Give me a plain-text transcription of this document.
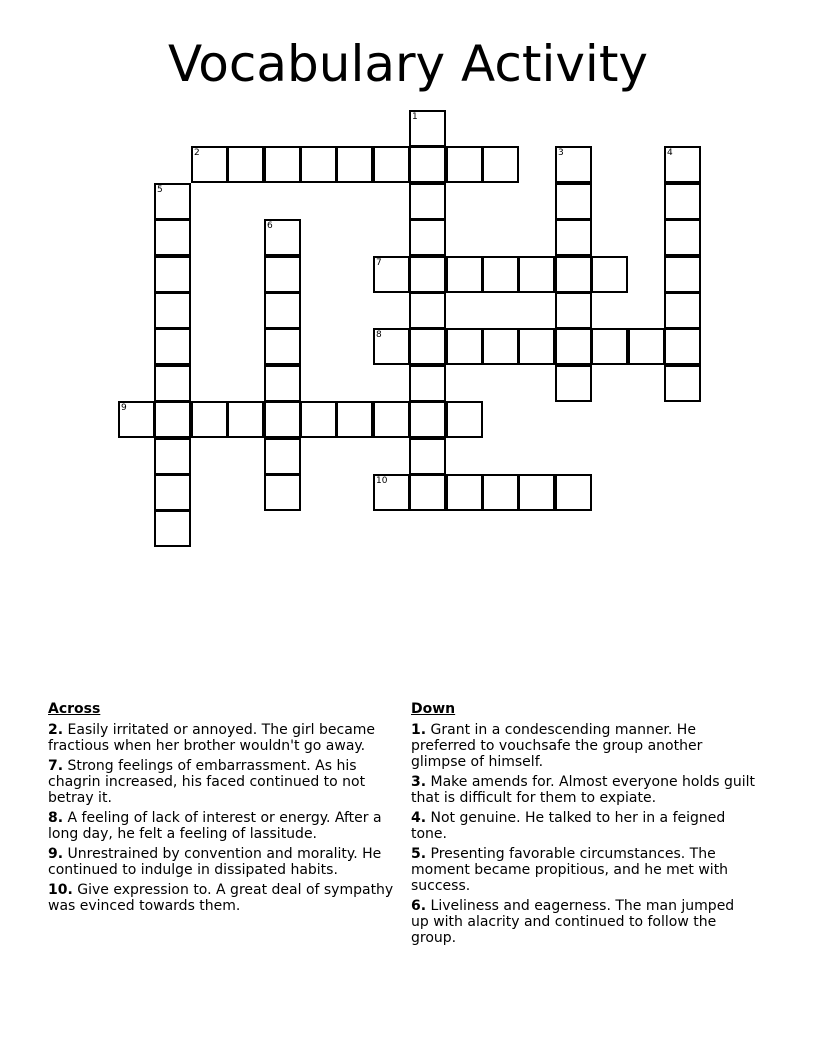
Vocabulary Activity
1
2	3	4
5
6
7
8
9
10
Across
2. Easily irritated or annoyed. The girl became fractious when her brother wouldn't go away.
7. Strong feelings of embarrassment. As his chagrin increased, his faced continued to not betray it.
8. A feeling of lack of interest or energy. After a long day, he felt a feeling of lassitude.
9. Unrestrained by convention and morality. He continued to indulge in dissipated habits.
10. Give expression to. A great deal of sympathy was evinced towards them.
Down
1. Grant in a condescending manner. He preferred to vouchsafe the group another glimpse of himself.
3. Make amends for. Almost everyone holds guilt that is difficult for them to expiate.
4. Not genuine. He talked to her in a feigned tone.
5. Presenting favorable circumstances. The moment became propitious, and he met with success.
6. Liveliness and eagerness. The man jumped up with alacrity and continued to follow the group.
